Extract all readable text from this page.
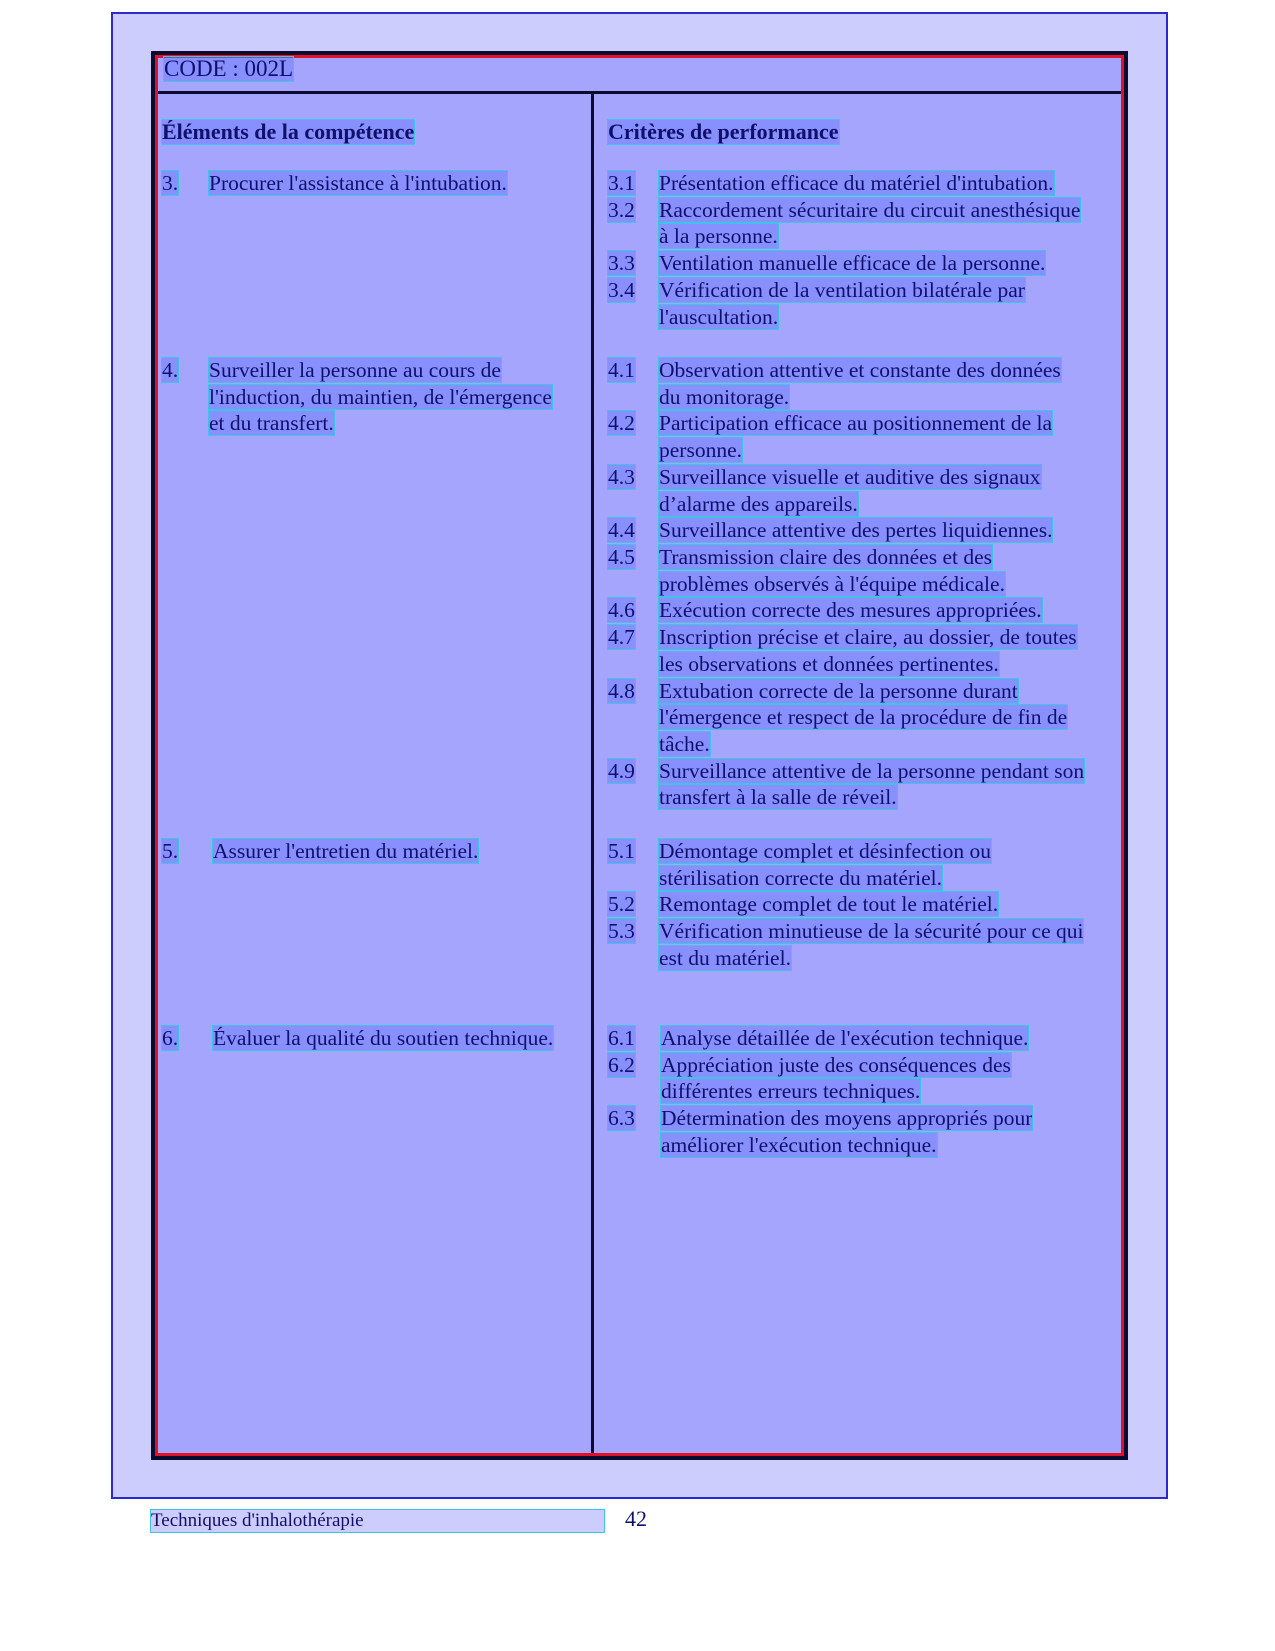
CODE : 002L
Éléments de la compétence	Critères de performance
3. Procurer l'assistance à l'intubation.
4. Surveiller la personne au cours de
l'induction, du maintien, de l'émergence
et du transfert.
5. Assurer l'entretien du matériel.
6. Évaluer la qualité du soutien technique.
3.1 Présentation efficace du matériel d'intubation.
3.2 Raccordement sécuritaire du circuit anesthésique
à la personne.
3.3 Ventilation manuelle efficace de la personne.
3.4 Vérification de la ventilation bilatérale par
l'auscultation.
4.1 Observation attentive et constante des données
du monitorage.
4.2 Participation efficace au positionnement de la
personne.
4.3 Surveillance visuelle et auditive des signaux
d’alarme des appareils.
4.4 Surveillance attentive des pertes liquidiennes.
4.5 Transmission claire des données et des
problèmes observés à l'équipe médicale.
4.6 Exécution correcte des mesures appropriées.
4.7 Inscription précise et claire, au dossier, de toutes
les observations et données pertinentes.
4.8 Extubation correcte de la personne durant
l'émergence et respect de la procédure de fin de
tâche.
4.9 Surveillance attentive de la personne pendant son
transfert à la salle de réveil.
5.1 Démontage complet et désinfection ou
stérilisation correcte du matériel.
5.2 Remontage complet de tout le matériel.
5.3 Vérification minutieuse de la sécurité pour ce qui
est du matériel.
6.1 Analyse détaillée de l'exécution technique.
6.2 Appréciation juste des conséquences des
différentes erreurs techniques.
6.3 Détermination des moyens appropriés pour
améliorer l'exécution technique.
Techniques d'inhalothérapie	42
